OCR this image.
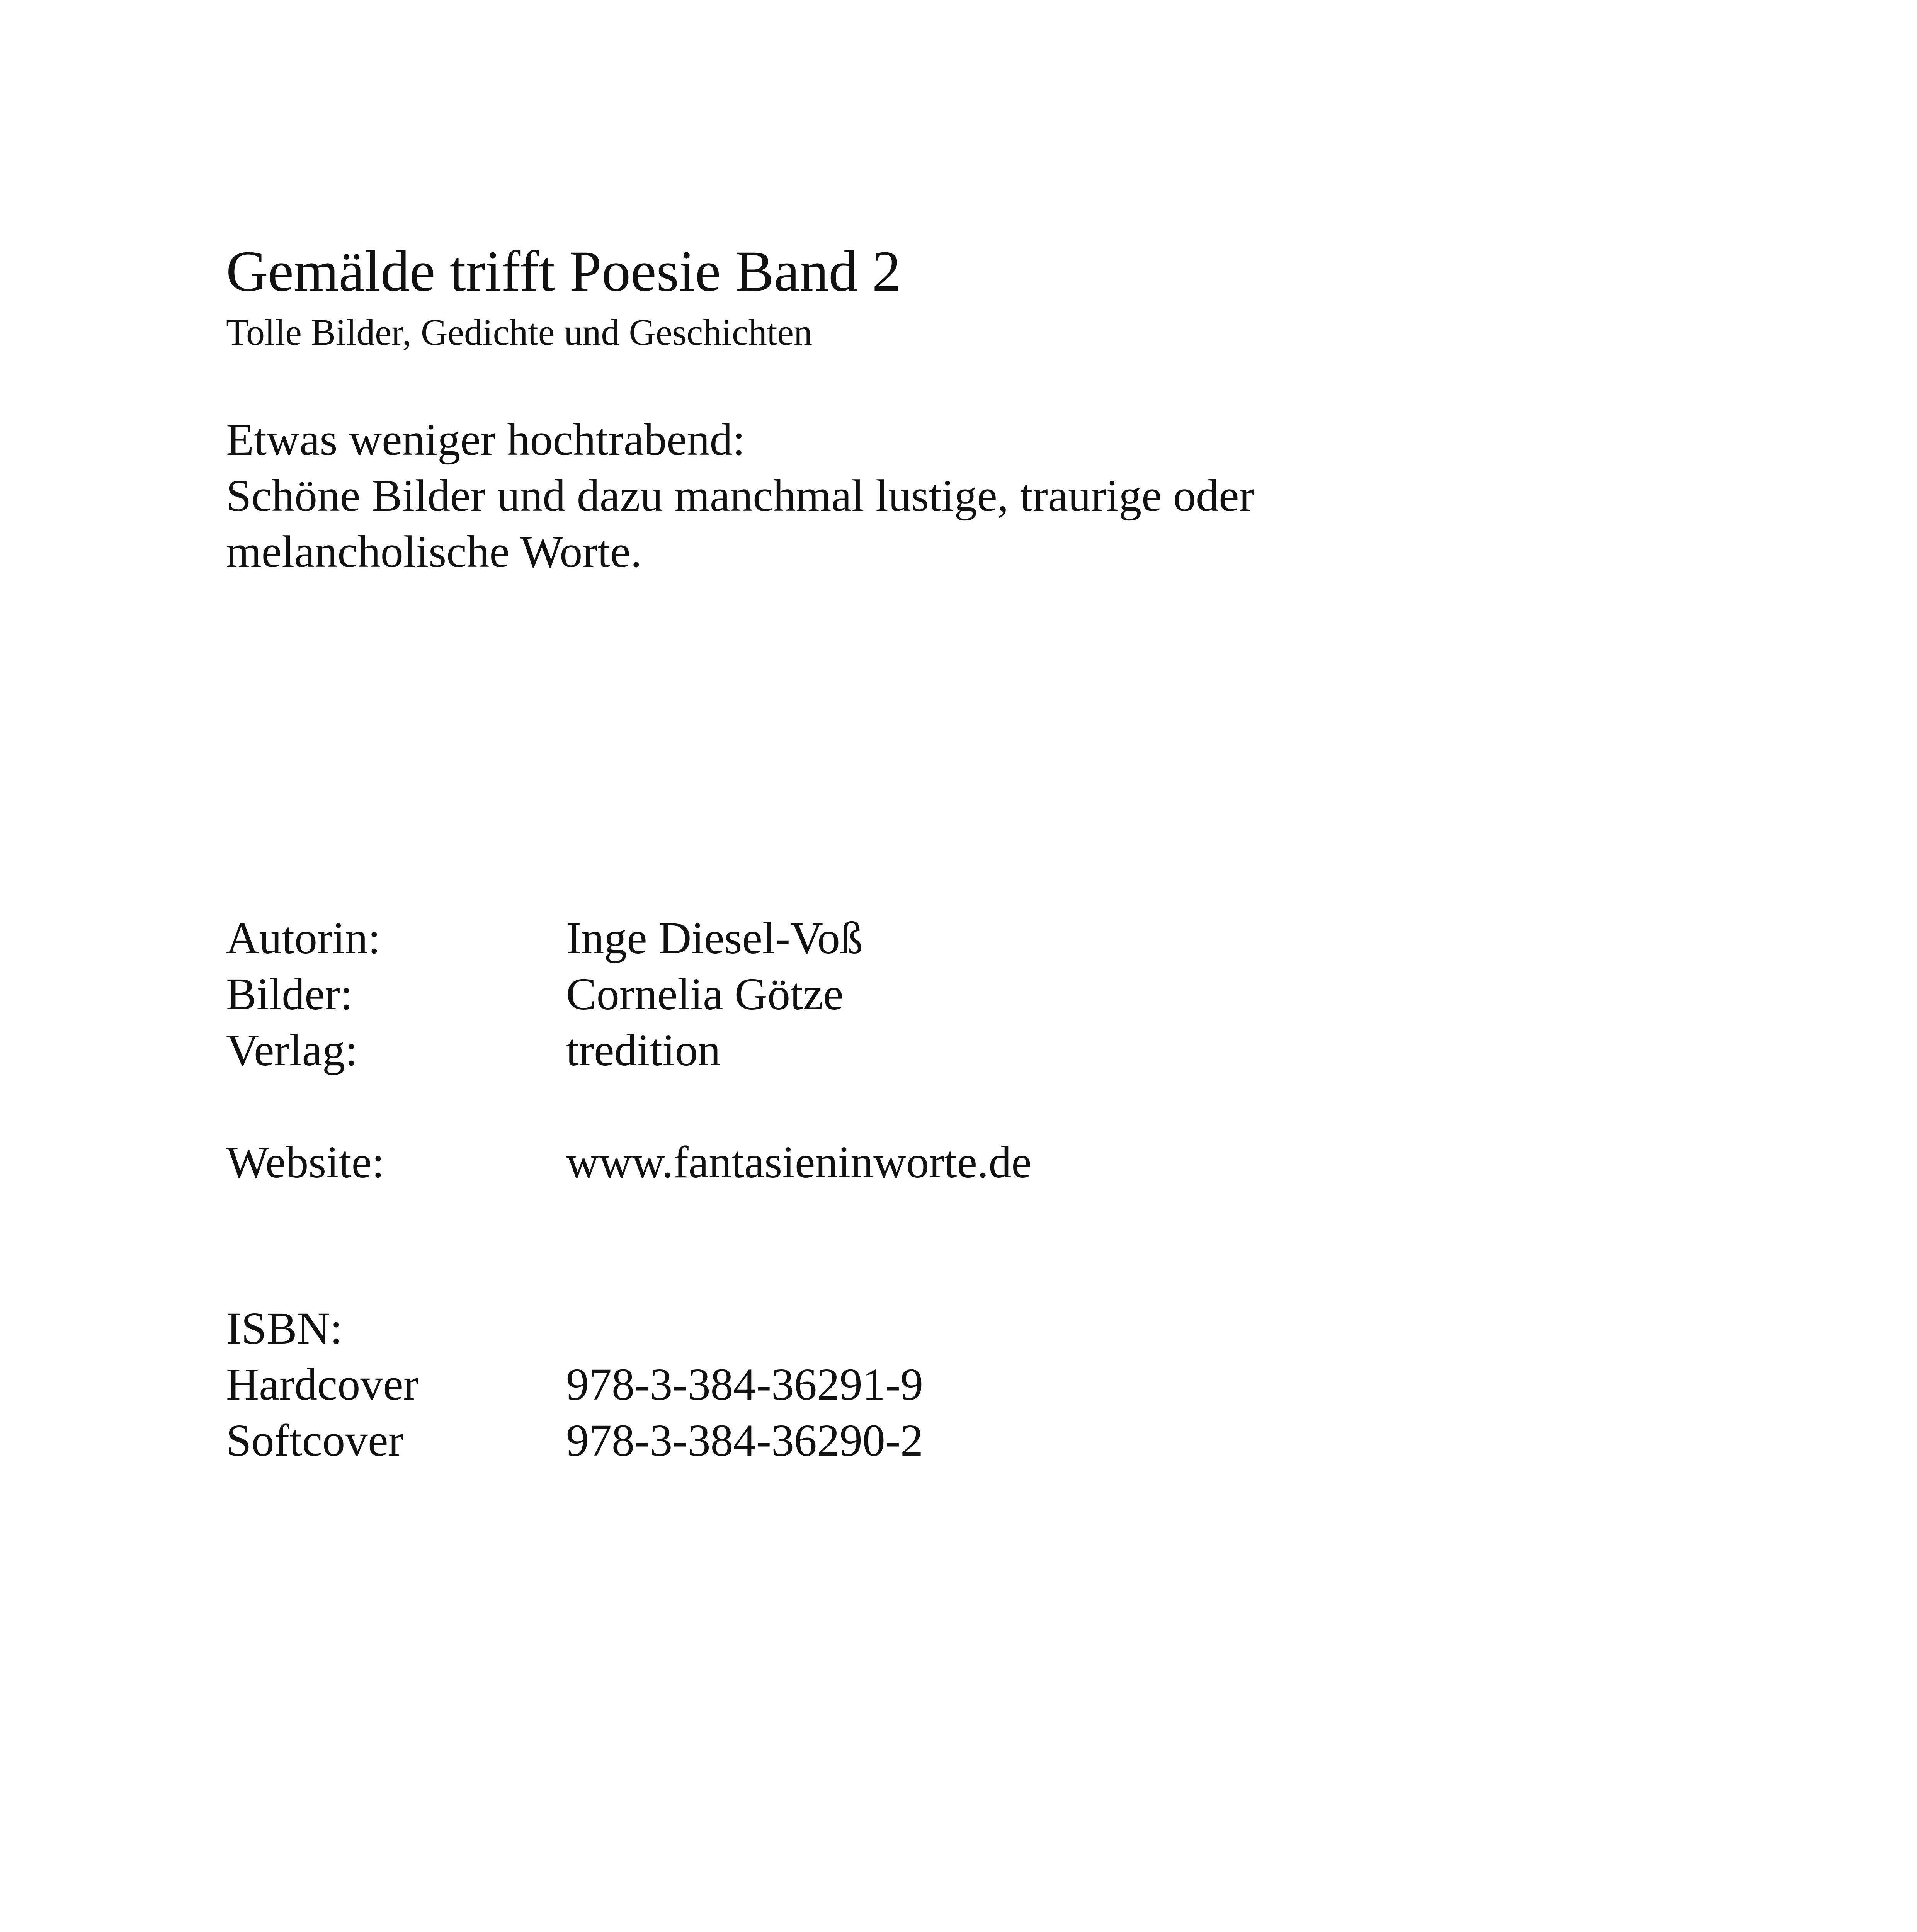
Gemälde trifft Poesie Band 2
Tolle Bilder, Gedichte und Geschichten
Etwas weniger hochtrabend:
Schöne Bilder und dazu manchmal lustige, traurige oder
melancholische Worte.
Autorin:	Inge Diesel-Voß
Bilder:	Cornelia Götze
Verlag:	tredition
Website:	www.fantasieninworte.de
ISBN:
Hardcover	978-3-384-36291-9
Softcover	978-3-384-36290-2
